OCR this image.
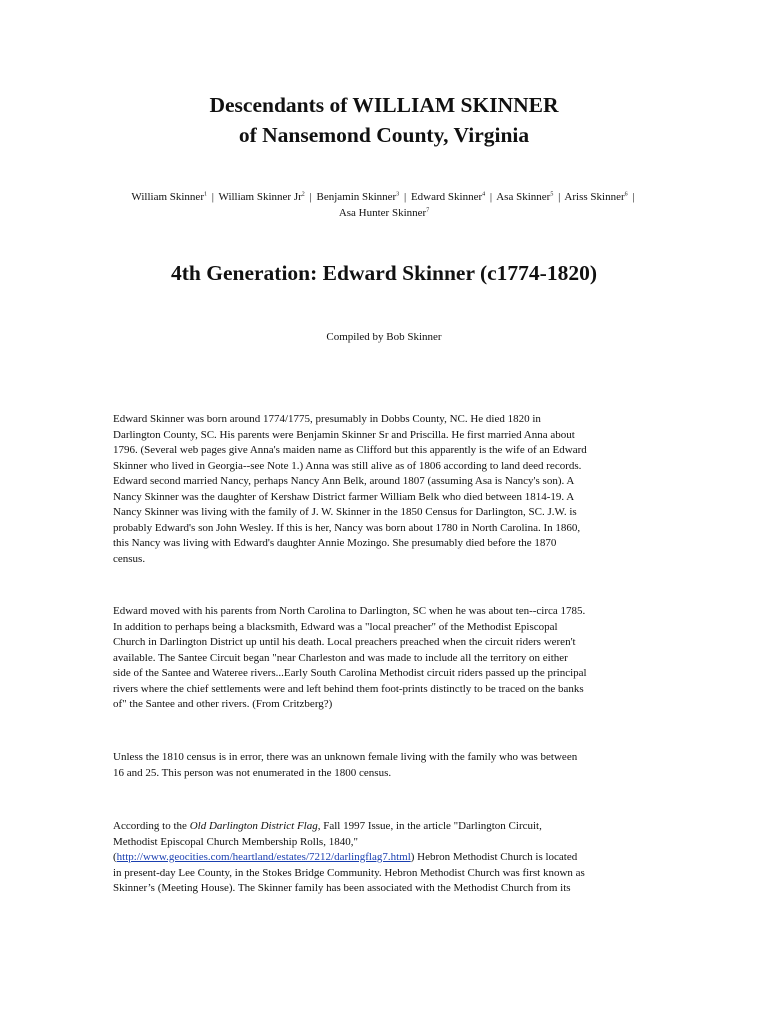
Descendants of WILLIAM SKINNER
of Nansemond County, Virginia

William Skinner$^1$ | William Skinner Jr$^2$ | Benjamin Skinner$^3$ | Edward Skinner$^4$ | Asa Skinner$^5$ | Ariss Skinner$^6$ | Asa Hunter Skinner$^7$

4th Generation: Edward Skinner (c1774-1820)

Compiled by Bob Skinner

Edward Skinner was born around 1774/1775, presumably in Dobbs County, NC. He died 1820 in
Darlington County, SC. His parents were Benjamin Skinner Sr and Priscilla. He first married Anna about
1796. (Several web pages give Anna's maiden name as Clifford but this apparently is the wife of an Edward
Skinner who lived in Georgia--see Note 1.) Anna was still alive as of 1806 according to land deed records.
Edward second married Nancy, perhaps Nancy Ann Belk, around 1807 (assuming Asa is Nancy's son). A
Nancy Skinner was the daughter of Kershaw District farmer William Belk who died between 1814-19. A
Nancy Skinner was living with the family of J. W. Skinner in the 1850 Census for Darlington, SC. J.W. is
probably Edward's son John Wesley. If this is her, Nancy was born about 1780 in North Carolina. In 1860,
this Nancy was living with Edward's daughter Annie Mozingo. She presumably died before the 1870
census.

Edward moved with his parents from North Carolina to Darlington, SC when he was about ten--circa 1785.
In addition to perhaps being a blacksmith, Edward was a "local preacher" of the Methodist Episcopal
Church in Darlington District up until his death. Local preachers preached when the circuit riders weren't
available. The Santee Circuit began "near Charleston and was made to include all the territory on either
side of the Santee and Wateree rivers...Early South Carolina Methodist circuit riders passed up the principal
rivers where the chief settlements were and left behind them foot-prints distinctly to be traced on the banks
of" the Santee and other rivers. (From Critzberg?)

Unless the 1810 census is in error, there was an unknown female living with the family who was between
16 and 25. This person was not enumerated in the 1800 census.

According to the Old Darlington District Flag, Fall 1997 Issue, in the article "Darlington Circuit,
Methodist Episcopal Church Membership Rolls, 1840,"
(http://www.geocities.com/heartland/estates/7212/darlingflag7.html) Hebron Methodist Church is located
in present-day Lee County, in the Stokes Bridge Community. Hebron Methodist Church was first known as
Skinner’s (Meeting House). The Skinner family has been associated with the Methodist Church from its
